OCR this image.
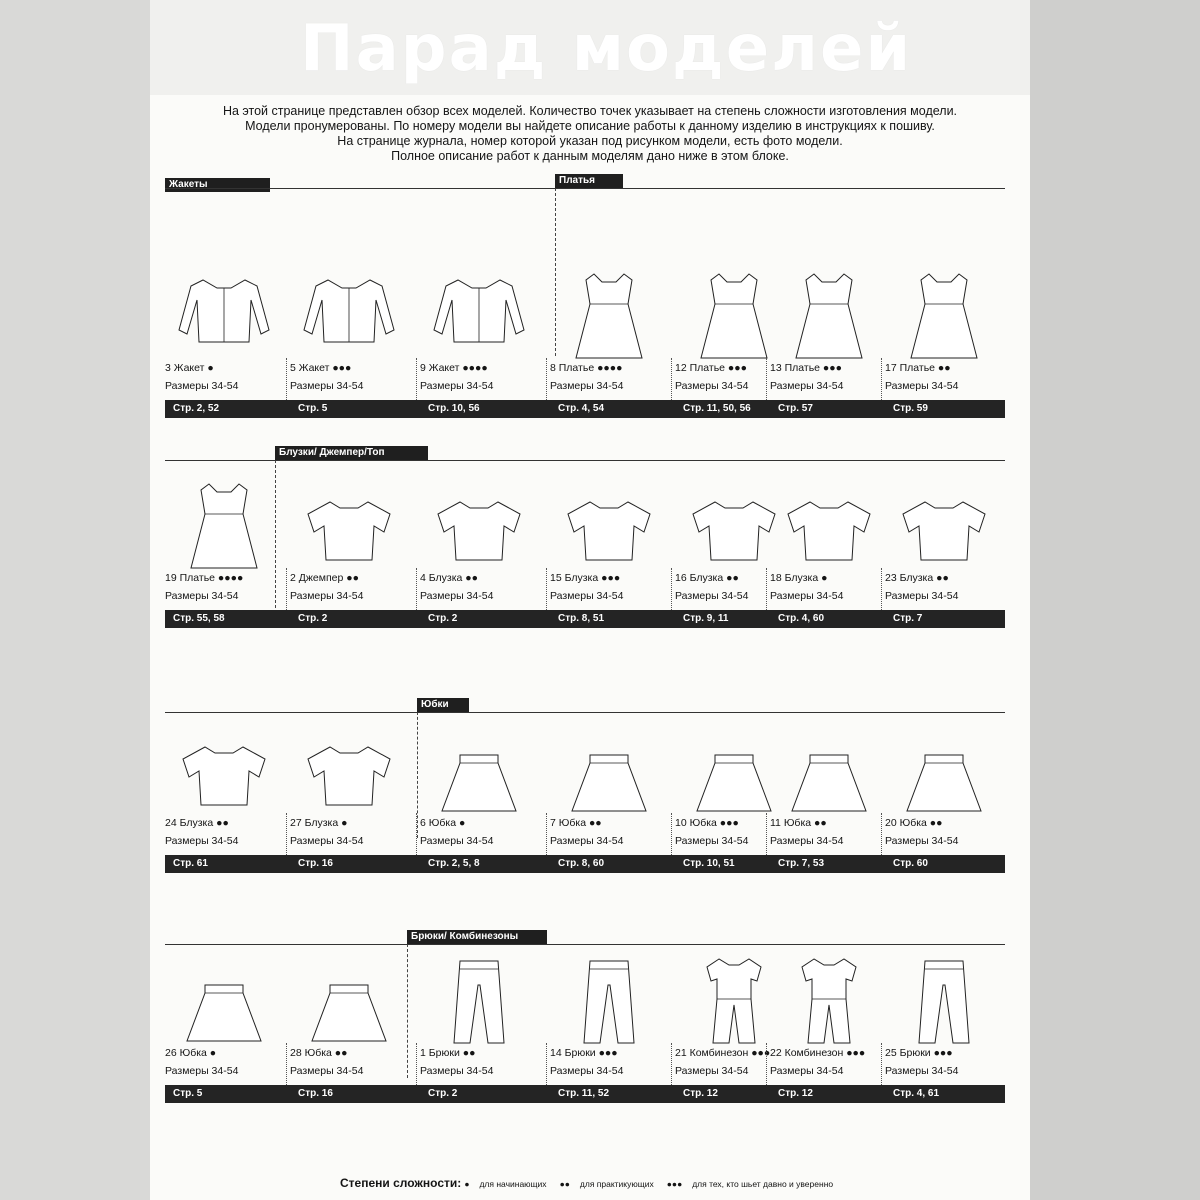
Парад моделей
На этой странице представлен обзор всех моделей. Количество точек указывает на степень сложности изготовления модели.
Модели пронумерованы. По номеру модели вы найдете описание работы к данному изделию в инструкциях к пошиву.
На странице журнала, номер которой указан под рисунком модели, есть фото модели.
Полное описание работ к данным моделям дано ниже в этом блоке.
Жакеты	Платья
Блузки/ Джемпер/Топ
Юбки
Брюки/ Комбинезоны
3 Жакет ●
Размеры 34-54
5 Жакет ●●●
Размеры 34-54
9 Жакет ●●●●
Размеры 34-54
8 Платье ●●●●
Размеры 34-54
12 Платье ●●●
Размеры 34-54
13 Платье ●●●
Размеры 34-54
17 Платье ●●
Размеры 34-54
Стр. 2, 52	Стр. 5	Стр. 10, 56	Стр. 4, 54	Стр. 11, 50, 56	Стр. 57	Стр. 59
19 Платье ●●●●
Размеры 34-54
2 Джемпер ●●
Размеры 34-54
4 Блузка ●●
Размеры 34-54
15 Блузка ●●●
Размеры 34-54
16 Блузка ●●
Размеры 34-54
18 Блузка ●
Размеры 34-54
23 Блузка ●●
Размеры 34-54
Стр. 55, 58	Стр. 2	Стр. 2	Стр. 8, 51	Стр. 9, 11	Стр. 4, 60	Стр. 7
24 Блузка ●●
Размеры 34-54
27 Блузка ●
Размеры 34-54
6 Юбка ●
Размеры 34-54
7 Юбка ●●
Размеры 34-54
10 Юбка ●●●
Размеры 34-54
11 Юбка ●●
Размеры 34-54
20 Юбка ●●
Размеры 34-54
Стр. 61	Стр. 16	Стр. 2, 5, 8	Стр. 8, 60	Стр. 10, 51	Стр. 7, 53	Стр. 60
26 Юбка ●
Размеры 34-54
28 Юбка ●●
Размеры 34-54
1 Брюки ●●
Размеры 34-54
14 Брюки ●●●
Размеры 34-54
21 Комбинезон ●●●
Размеры 34-54
22 Комбинезон ●●●
Размеры 34-54
25 Брюки ●●●
Размеры 34-54
Стр. 5	Стр. 16	Стр. 2	Стр. 11, 52	Стр. 12	Стр. 12	Стр. 4, 61
Степени сложности: ● для начинающих ●● для практикующих ●●● для тех, кто шьет давно и уверенно
